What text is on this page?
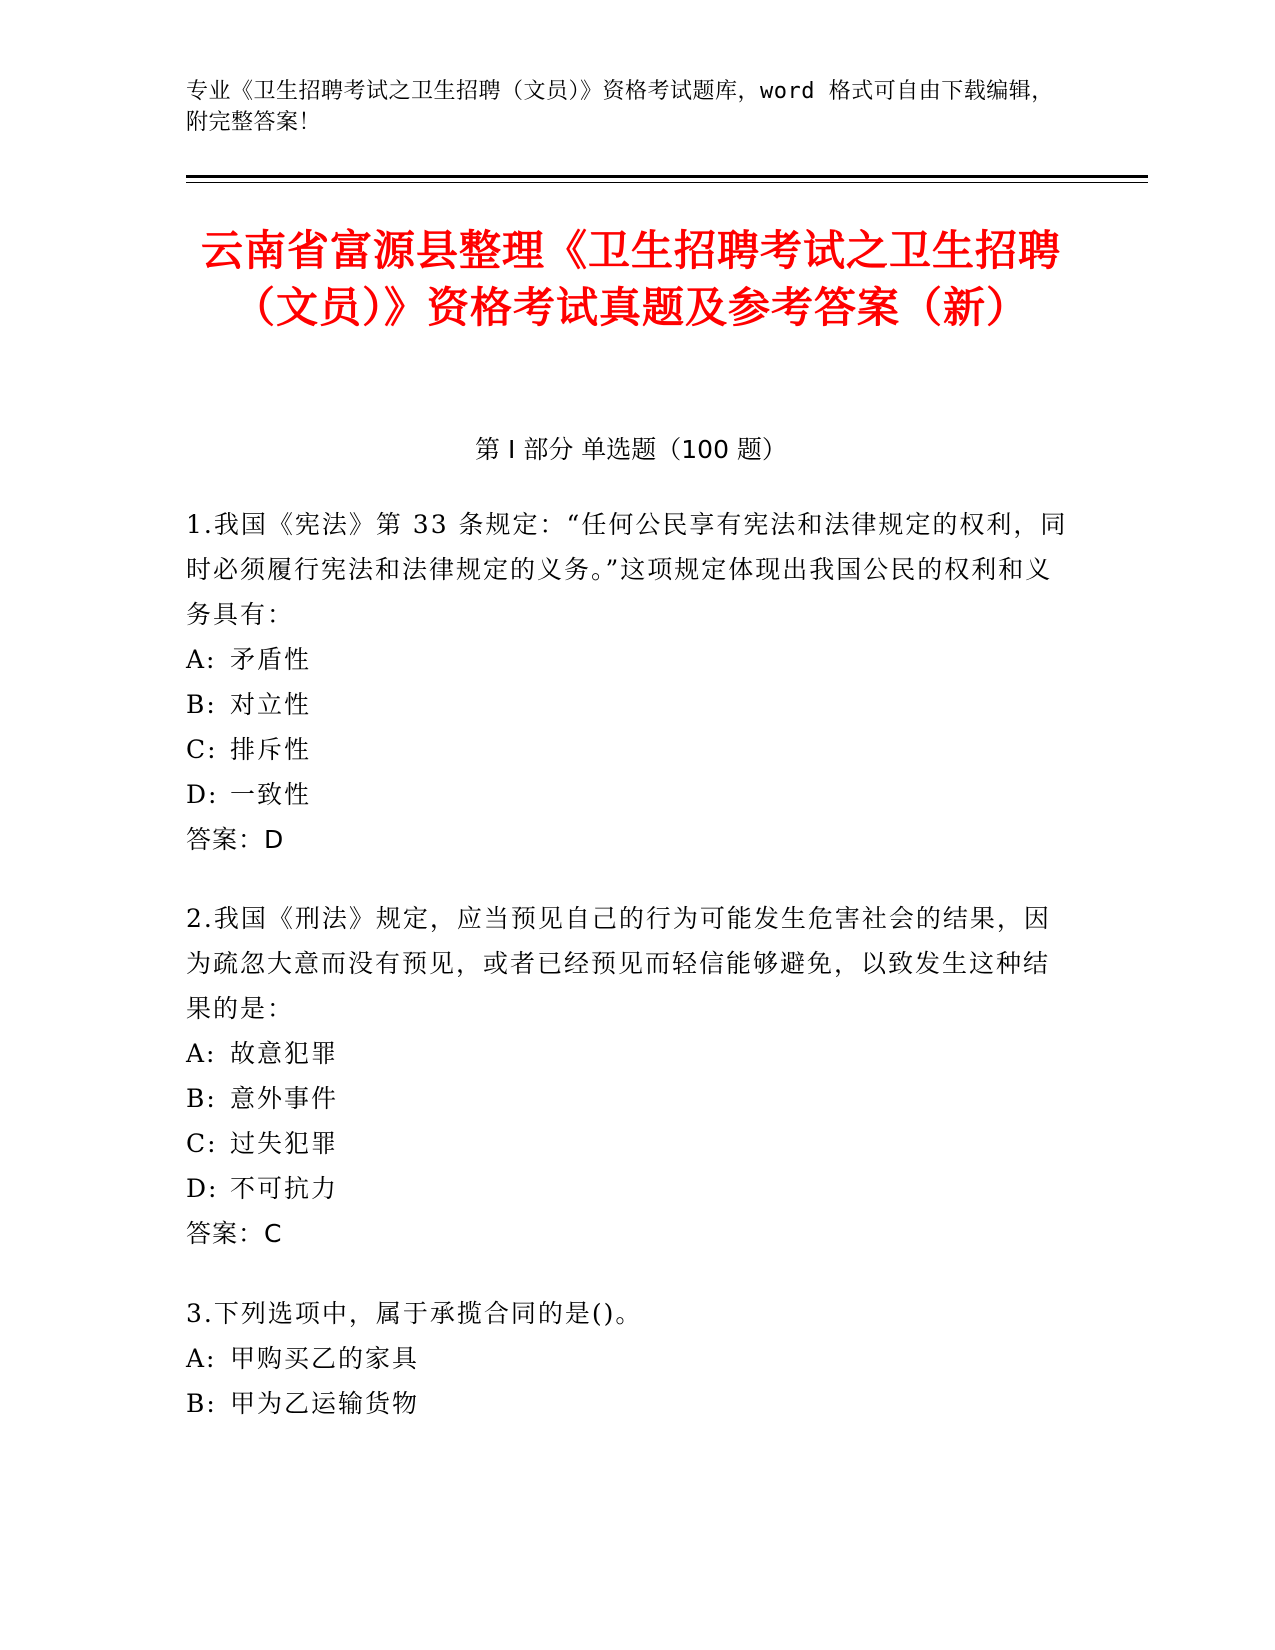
专业《卫生招聘考试之卫生招聘（文员）》资格考试题库，word 格式可自由下载编辑，附完整答案！
云南省富源县整理《卫生招聘考试之卫生招聘（文员）》资格考试真题及参考答案（新）
第 I 部分 单选题（100 题）
1.我国《宪法》第 33 条规定：“任何公民享有宪法和法律规定的权利，同时必须履行宪法和法律规定的义务。”这项规定体现出我国公民的权利和义务具有：
A: 矛盾性
B: 对立性
C: 排斥性
D: 一致性
答案：D
2.我国《刑法》规定，应当预见自己的行为可能发生危害社会的结果，因为疏忽大意而没有预见，或者已经预见而轻信能够避免，以致发生这种结果的是：
A: 故意犯罪
B: 意外事件
C: 过失犯罪
D: 不可抗力
答案：C
3.下列选项中，属于承揽合同的是()。
A: 甲购买乙的家具
B: 甲为乙运输货物
